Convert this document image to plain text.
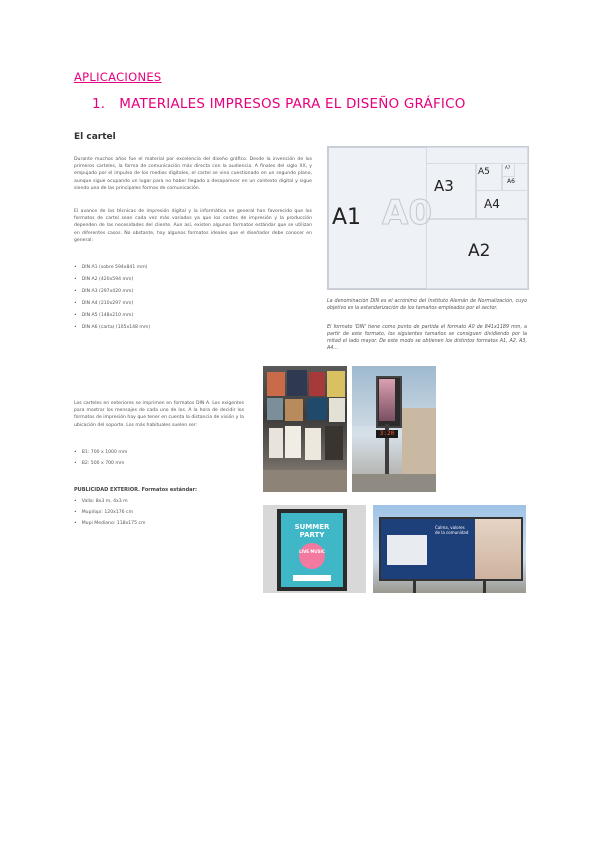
APLICACIONES
1. MATERIALES IMPRESOS PARA EL DISEÑO GRÁFICO
El cartel
Durante muchos años fue el material por excelencia del diseño gráfico. Desde la invención de los primeros carteles, la forma de comunicación más directa con la audiencia. A finales del siglo XX, y empujado por el impulso de los medios digitales, el cartel se vino cuestionado en un segundo plano, aunque sigue ocupando un lugar para no haber llegado a desaparecer en un contexto digital y sigue siendo una de las principales formas de comunicación.
El avance de las técnicas de impresión digital y la informática en general han favorecido que los formatos de cartel sean cada vez más variados ya que los costes de impresión y la producción dependen de las necesidades del cliente. Aun así, existen algunos formatos estándar que se utilizan en diferentes casos. No obstante, hay algunos formatos ideales que el diseñador debe conocer en general:
• DIN A1 (sobre 594x841 mm)
• DIN A2 (420x594 mm)
• DIN A3 (297x420 mm)
• DIN A4 (210x297 mm)
• DIN A5 (148x210 mm)
• DIN A6 (carta) (105x148 mm)
A0
A1
A3
A4
A2
A5
A6
A7
La denominación DIN es el acrónimo del Instituto Alemán de Normalización, cuyo objetivo es la estandarización de los tamaños empleados por el sector.
El formato 'DIN' tiene como punto de partida el formato A0 de 841x1189 mm, a partir de este formato, los siguientes tamaños se consiguen dividiendo por la mitad el lado mayor. De este modo se obtienen los distintos formatos A1, A2, A3, A4...
Los carteles en exteriores se imprimen en formatos DIN A. Los exigentes para mostrar los mensajes de cada uno de los. A la hora de decidir los formatos de impresión hay que tener en cuenta la distancia de visión y la ubicación del soporte. Los más habituales suelen ser:
• B1: 700 x 1000 mm
• B2: 500 x 700 mm
PUBLICIDAD EXTERIOR. Formatos estándar:
• Valla: 8x3 m, 4x3 m
• Mupi/opi: 120x176 cm
• Mupi Mediano: 118x175 cm
3:20
SUMMER PARTY
LIVE MUSIC
Calma, valores de la comunidad
